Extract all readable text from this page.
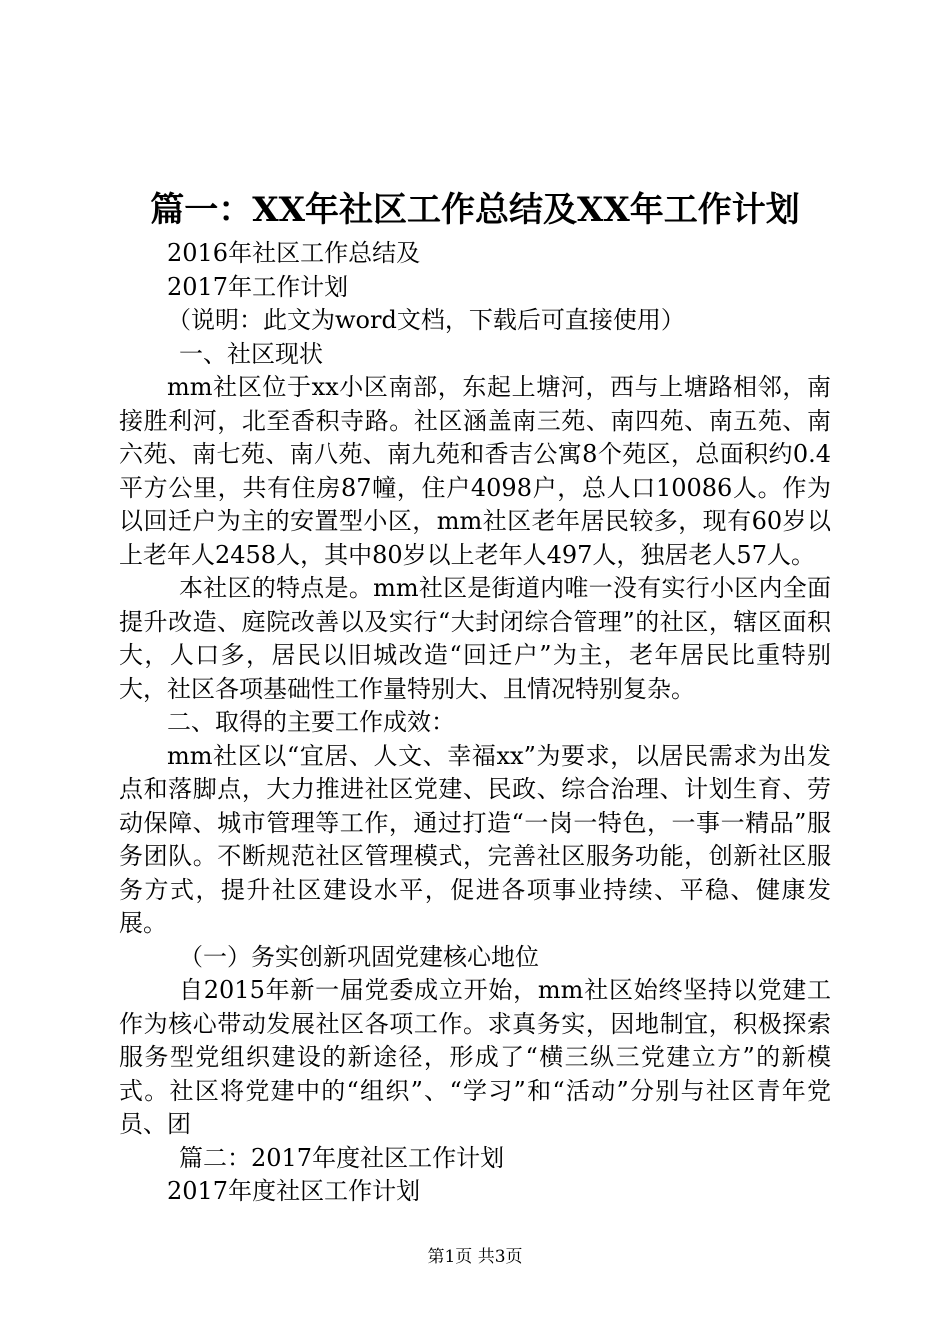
篇一：XX年社区工作总结及XX年工作计划

2016年社区工作总结及

2017年工作计划

（说明：此文为word文档，下载后可直接使用）

一、社区现状

mm社区位于xx小区南部，东起上塘河，西与上塘路相邻，南接胜利河，北至香积寺路。社区涵盖南三苑、南四苑、南五苑、南六苑、南七苑、南八苑、南九苑和香吉公寓8个苑区，总面积约0.4平方公里，共有住房87幢，住户4098户，总人口10086人。作为以回迁户为主的安置型小区，mm社区老年居民较多，现有60岁以上老年人2458人，其中80岁以上老年人497人，独居老人57人。

本社区的特点是。mm社区是街道内唯一没有实行小区内全面提升改造、庭院改善以及实行“大封闭综合管理”的社区，辖区面积大，人口多，居民以旧城改造“回迁户”为主，老年居民比重特别大，社区各项基础性工作量特别大、且情况特别复杂。

二、取得的主要工作成效：

mm社区以“宜居、人文、幸福xx”为要求，以居民需求为出发点和落脚点，大力推进社区党建、民政、综合治理、计划生育、劳动保障、城市管理等工作，通过打造“一岗一特色，一事一精品”服务团队。不断规范社区管理模式，完善社区服务功能，创新社区服务方式，提升社区建设水平，促进各项事业持续、平稳、健康发展。

（一）务实创新巩固党建核心地位

自2015年新一届党委成立开始，mm社区始终坚持以党建工作为核心带动发展社区各项工作。求真务实，因地制宜，积极探索服务型党组织建设的新途径，形成了“横三纵三党建立方”的新模式。社区将党建中的“组织”、“学习”和“活动”分别与社区青年党员、团

篇二：2017年度社区工作计划

2017年度社区工作计划

第1页 共3页
